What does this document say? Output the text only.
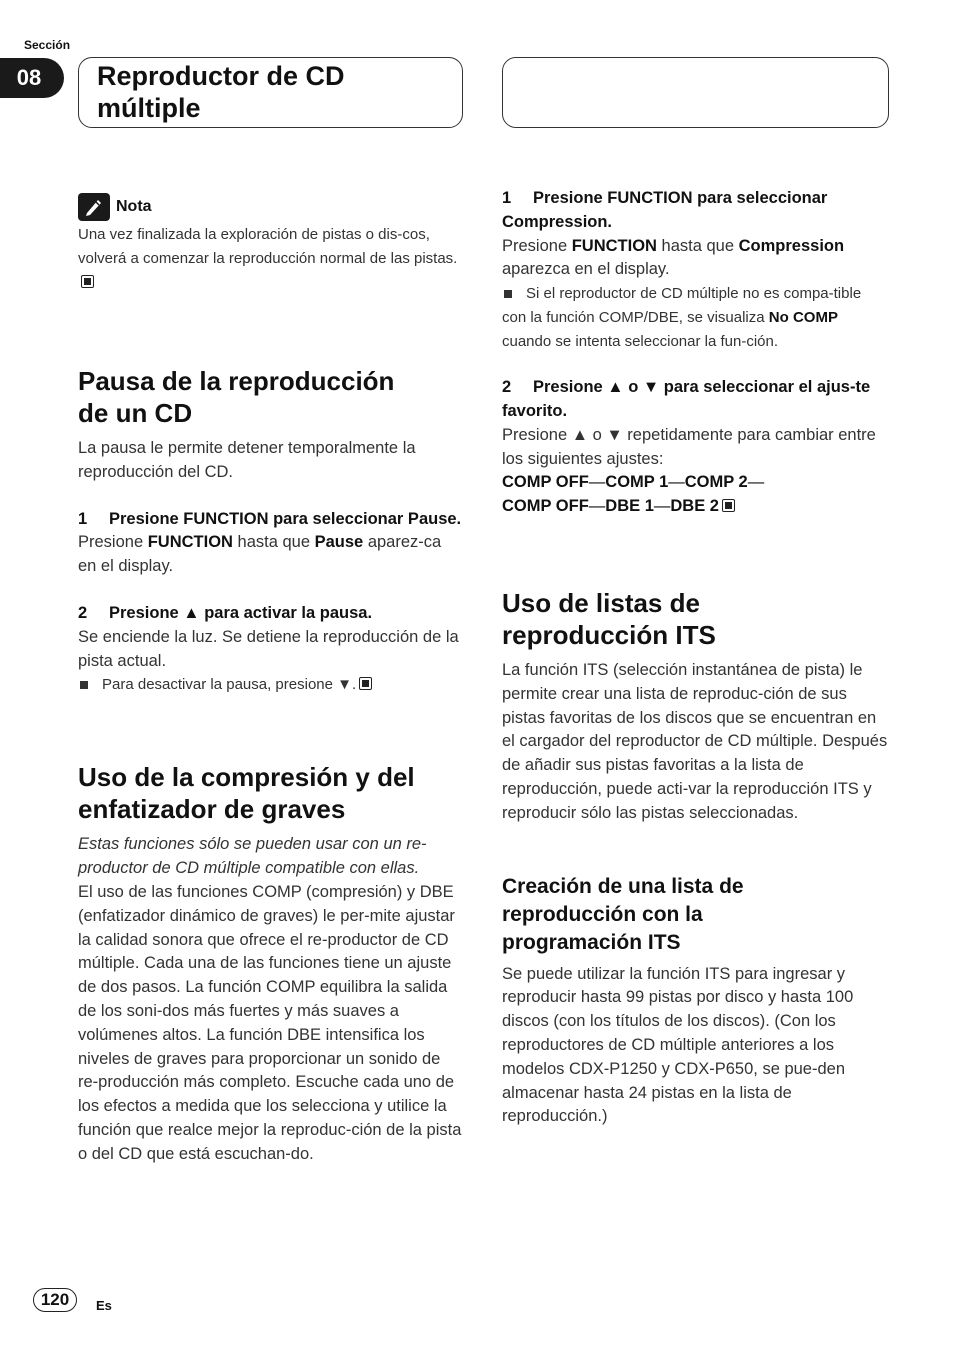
Sección
08	Reproductor de CD
múltiple
Nota

Una vez finalizada la exploración de pistas o dis-cos, volverá a comenzar la reproducción normal de las pistas.

Pausa de la reproducción
de un CD

La pausa le permite detener temporalmente la reproducción del CD.

1 Presione FUNCTION para seleccionar Pause.

Presione FUNCTION hasta que Pause aparez-ca en el display.

2 Presione ▲ para activar la pausa.

Se enciende la luz. Se detiene la reproducción de la pista actual.

Para desactivar la pausa, presione ▼.

Uso de la compresión y del
enfatizador de graves

Estas funciones sólo se pueden usar con un re-productor de CD múltiple compatible con ellas.

El uso de las funciones COMP (compresión) y DBE (enfatizador dinámico de graves) le per-mite ajustar la calidad sonora que ofrece el re-productor de CD múltiple. Cada una de las funciones tiene un ajuste de dos pasos. La función COMP equilibra la salida de los soni-dos más fuertes y más suaves a volúmenes altos. La función DBE intensifica los niveles de graves para proporcionar un sonido de re-producción más completo. Escuche cada uno de los efectos a medida que los selecciona y utilice la función que realce mejor la reproduc-ción de la pista o del CD que está escuchan-do.

1 Presione FUNCTION para seleccionar Compression.

Presione FUNCTION hasta que Compression aparezca en el display.

Si el reproductor de CD múltiple no es compa-tible con la función COMP/DBE, se visualiza No COMP cuando se intenta seleccionar la fun-ción.

2 Presione ▲ o ▼ para seleccionar el ajus-te favorito.

Presione ▲ o ▼ repetidamente para cambiar entre los siguientes ajustes:

COMP OFF—COMP 1—COMP 2—

COMP OFF—DBE 1—DBE 2

Uso de listas de
reproducción ITS

La función ITS (selección instantánea de pista) le permite crear una lista de reproduc-ción de sus pistas favoritas de los discos que se encuentran en el cargador del reproductor de CD múltiple. Después de añadir sus pistas favoritas a la lista de reproducción, puede acti-var la reproducción ITS y reproducir sólo las pistas seleccionadas.

Creación de una lista de
reproducción con la
programación ITS

Se puede utilizar la función ITS para ingresar y reproducir hasta 99 pistas por disco y hasta 100 discos (con los títulos de los discos). (Con los reproductores de CD múltiple anteriores a los modelos CDX-P1250 y CDX-P650, se pue-den almacenar hasta 24 pistas en la lista de reproducción.)

120	Es
